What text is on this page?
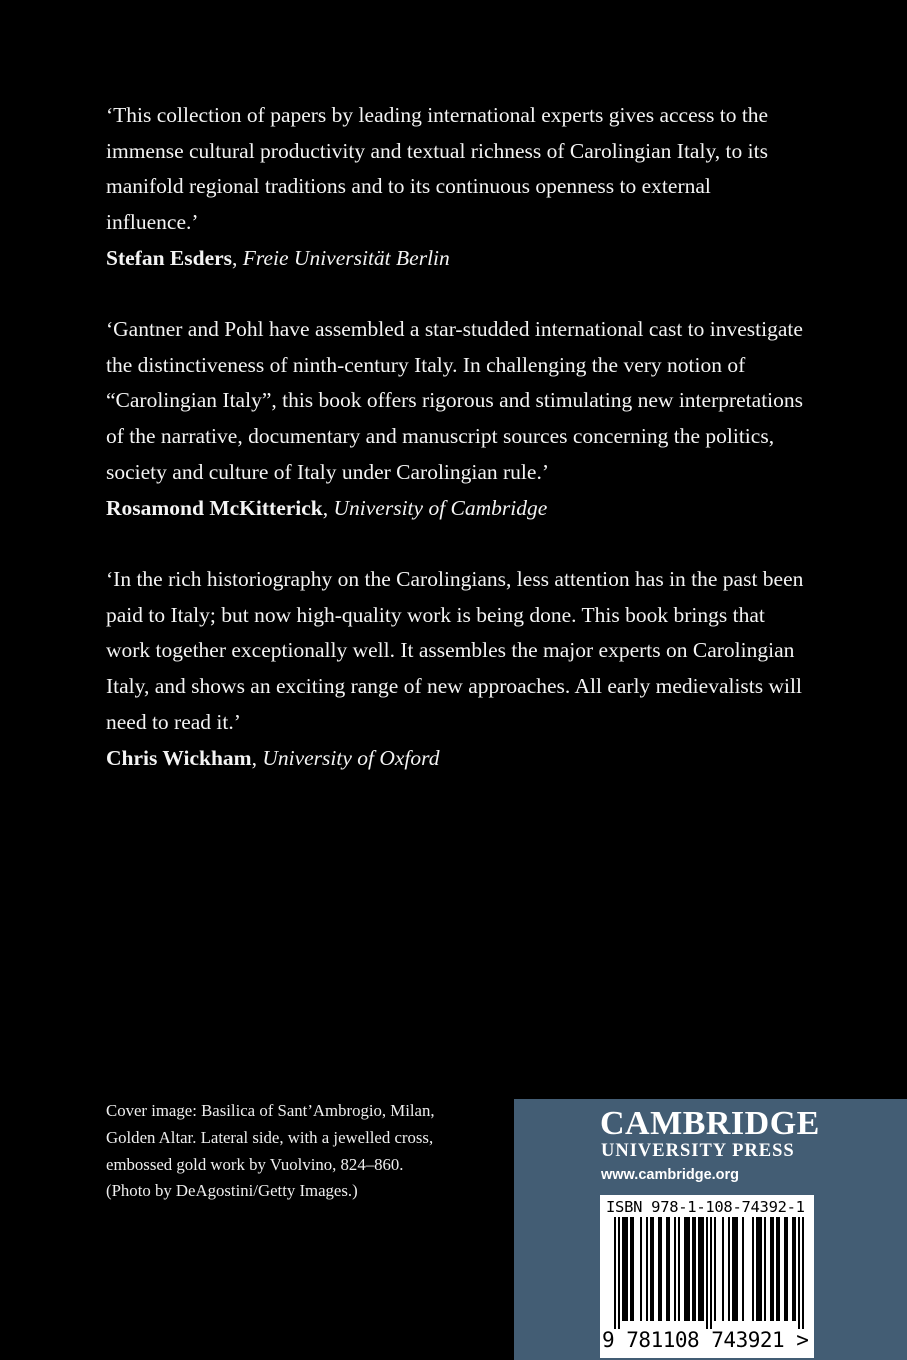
‘This collection of papers by leading international experts gives access to the immense cultural productivity and textual richness of Carolingian Italy, to its manifold regional traditions and to its continuous openness to external influence.’

Stefan Esders, Freie Universität Berlin

‘Gantner and Pohl have assembled a star-studded international cast to investigate the distinctiveness of ninth-century Italy. In challenging the very notion of “Carolingian Italy”, this book offers rigorous and stimulating new interpretations of the narrative, documentary and manuscript sources concerning the politics, society and culture of Italy under Carolingian rule.’

Rosamond McKitterick, University of Cambridge

‘In the rich historiography on the Carolingians, less attention has in the past been paid to Italy; but now high-quality work is being done. This book brings that work together exceptionally well. It assembles the major experts on Carolingian Italy, and shows an exciting range of new approaches. All early medievalists will need to read it.’

Chris Wickham, University of Oxford

Cover image: Basilica of Sant’Ambrogio, Milan,
Golden Altar. Lateral side, with a jewelled cross,
embossed gold work by Vuolvino, 824–860.
(Photo by DeAgostini/Getty Images.)
CAMBRIDGE
UNIVERSITY PRESS
www.cambridge.org
ISBN 978-1-108-74392-1
9 781108 743921 >
